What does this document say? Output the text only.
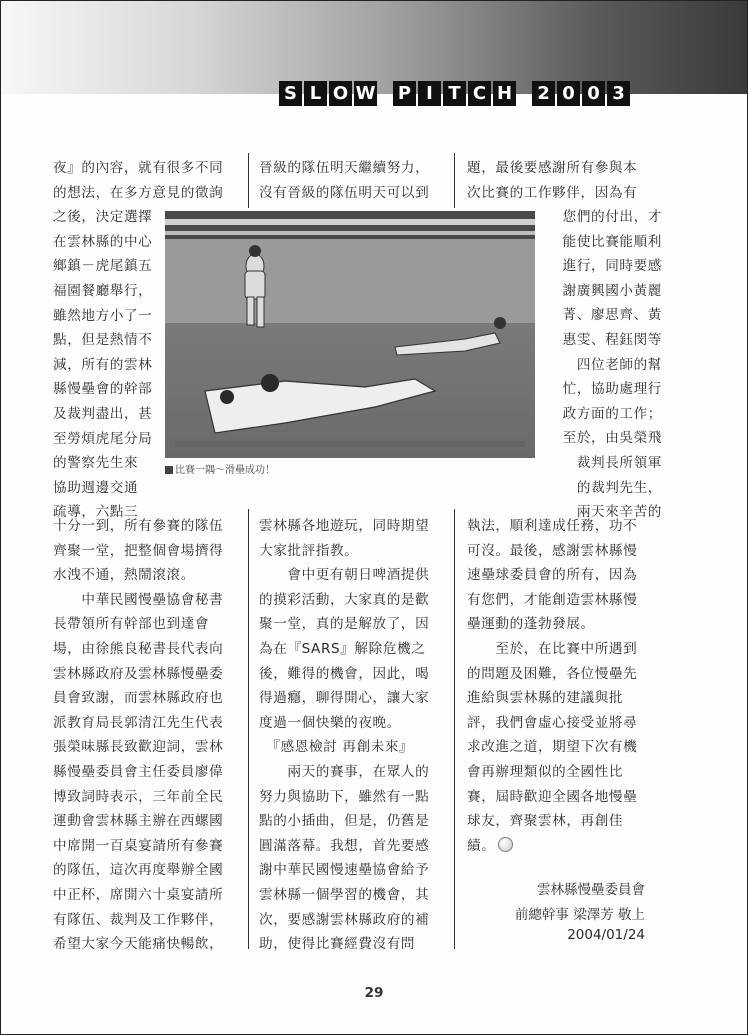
S L O W P I T C H 2 0 0 3
夜』的內容，就有很多不同
的想法，在多方意見的徵詢
之後，決定選擇
在雲林縣的中心
鄉鎮－虎尾鎮五
福園餐廳舉行，
雖然地方小了一
點，但是熱情不
減，所有的雲林
縣慢壘會的幹部
及裁判盡出，甚
至勞煩虎尾分局
的警察先生來
協助週邊交通
疏導，六點三
晉級的隊伍明天繼續努力，
沒有晉級的隊伍明天可以到
題，最後要感謝所有參與本
次比賽的工作夥伴，因為有
您們的付出，才
能使比賽能順利
進行，同時要感
謝廣興國小黃麗
菁、廖思齊、黃
惠雯、程鈺閔等
四位老師的幫
忙，協助處理行
政方面的工作；
至於，由吳榮飛
裁判長所領軍
的裁判先生，
兩天來辛苦的
比賽一隅～滑壘成功！
十分一到，所有參賽的隊伍
齊聚一堂，把整個會場擠得
水洩不通，熱鬧滾滾。
　　中華民國慢壘協會秘書
長帶領所有幹部也到達會
場，由徐熊良秘書長代表向
雲林縣政府及雲林縣慢壘委
員會致謝，而雲林縣政府也
派教育局長郭清江先生代表
張榮味縣長致歡迎詞，雲林
縣慢壘委員會主任委員廖偉
博致詞時表示，三年前全民
運動會雲林縣主辦在西螺國
中席開一百桌宴請所有參賽
的隊伍，這次再度舉辦全國
中正杯，席開六十桌宴請所
有隊伍、裁判及工作夥伴，
希望大家今天能痛快暢飲，
雲林縣各地遊玩，同時期望
大家批評指教。
　　會中更有朝日啤酒提供
的摸彩活動，大家真的是歡
聚一堂，真的是解放了，因
為在『SARS』解除危機之
後，難得的機會，因此，喝
得過癮，聊得開心，讓大家
度過一個快樂的夜晚。
　『感恩檢討 再創未來』
　　兩天的賽事，在眾人的
努力與協助下，雖然有一點
點的小插曲，但是，仍舊是
圓滿落幕。我想，首先要感
謝中華民國慢速壘協會給予
雲林縣一個學習的機會，其
次，要感謝雲林縣政府的補
助，使得比賽經費沒有問
執法，順利達成任務，功不
可沒。最後，感謝雲林縣慢
速壘球委員會的所有，因為
有您們，才能創造雲林縣慢
壘運動的蓬勃發展。
　　至於，在比賽中所遇到
的問題及困難，各位慢壘先
進給與雲林縣的建議與批
評，我們會虛心接受並將尋
求改進之道，期望下次有機
會再辦理類似的全國性比
賽，屆時歡迎全國各地慢壘
球友，齊聚雲林，再創佳
績。
雲林縣慢壘委員會
前總幹事 梁澤芳 敬上
2004/01/24
29
